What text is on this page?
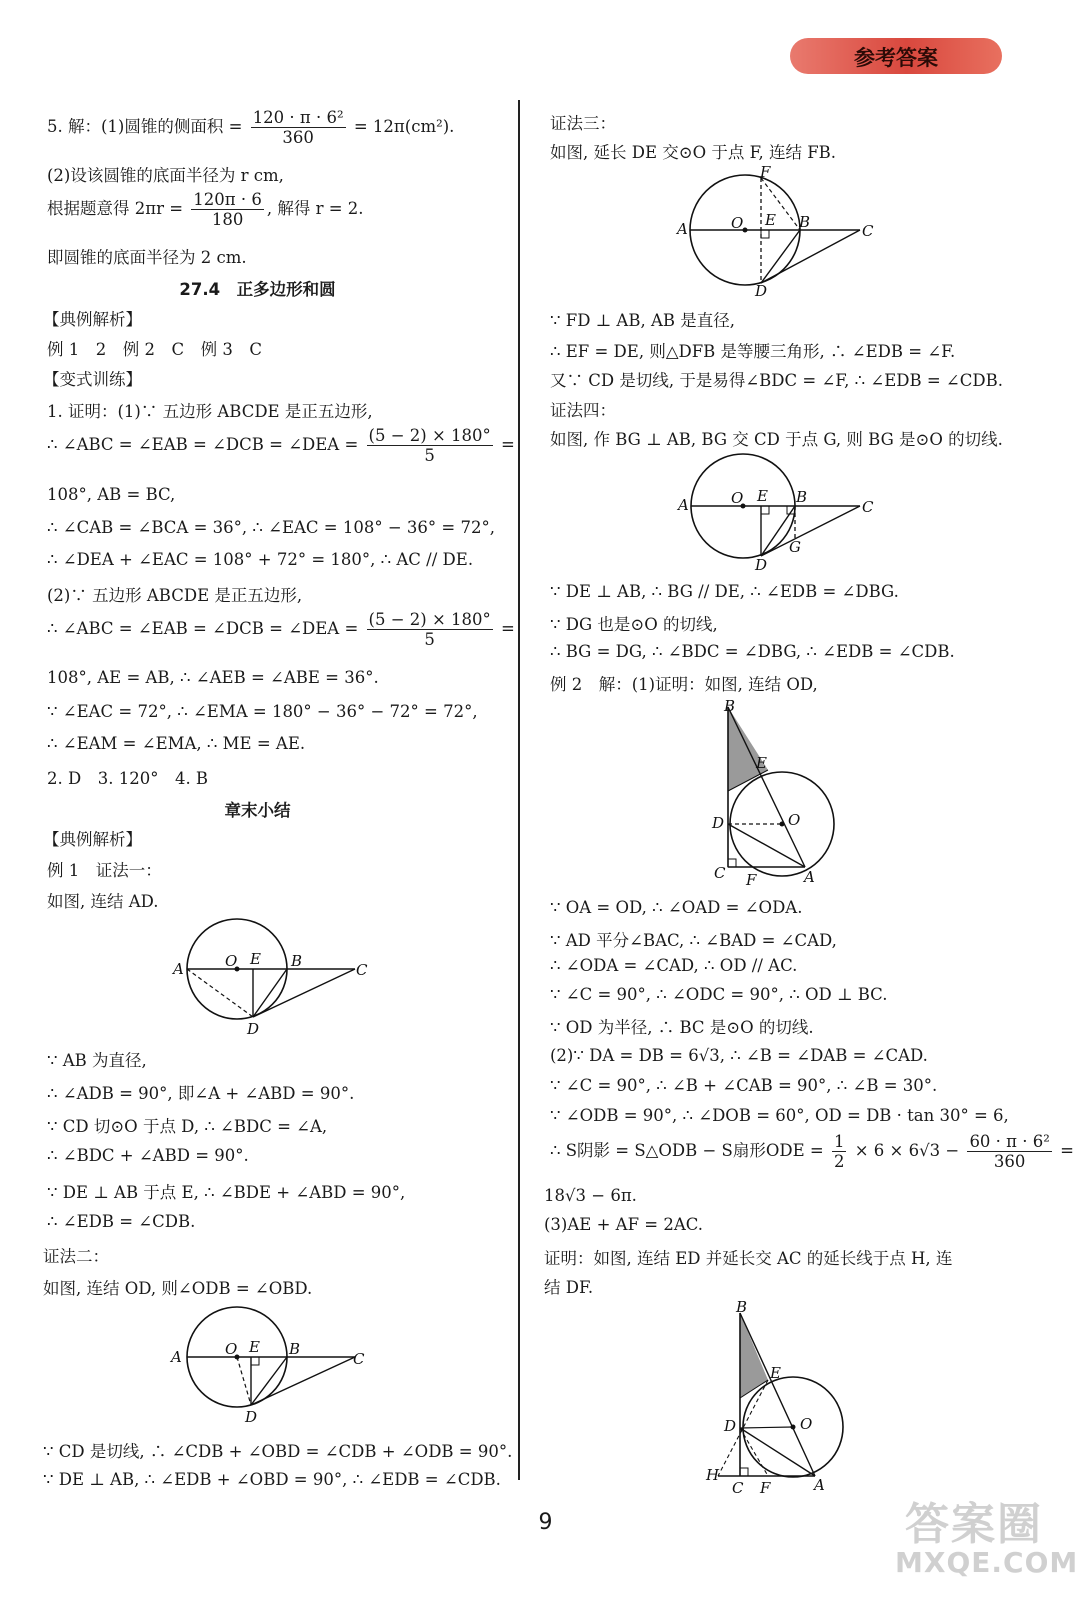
参考答案
5. 解：(1)圆锥的侧面积 = $\frac{\text{120 · π · 6²}}{360} = 12\pi(cm^2)$.
(2)设该圆锥的底面半径为 r cm,
根据题意得 $2\pi r = \frac{120\pi \cdot 6}{180}$ , 解得 r = 2.
即圆锥的底面半径为 2 cm.
27.4　正多边形和圆
【典例解析】
例 1　2　例 2　C　例 3　C
【变式训练】
1. 证明：(1)∵ 五边形 ABCDE 是正五边形,
∴ ∠ABC = ∠EAB = ∠DCB = ∠DEA = $\frac{(5 - 2) \times 180^\circ}{5}$ =
108°, AB = BC,
∴ ∠CAB = ∠BCA = 36°, ∴ ∠EAC = 108° − 36° = 72°,
∴ ∠DEA + ∠EAC = 108° + 72° = 180°, ∴ AC // DE.
(2)∵ 五边形 ABCDE 是正五边形,
∴ ∠ABC = ∠EAB = ∠DCB = ∠DEA = $\frac{(5 - 2) \times 180^\circ}{5}$ =
108°, AE = AB, ∴ ∠AEB = ∠ABE = 36°.
∵ ∠EAC = 72°, ∴ ∠EMA = 180° − 36° − 72° = 72°,
∴ ∠EAM = ∠EMA, ∴ ME = AE.
2. D　3. 120°　4. B
章末小结
【典例解析】
例 1　证法一：
如图, 连结 AD.
A	O E B	C
D
∵ AB 为直径,
∴ ∠ADB = 90°, 即∠A + ∠ABD = 90°.
∵ CD 切⊙O 于点 D, ∴ ∠BDC = ∠A,
∴ ∠BDC + ∠ABD = 90°.
∵ DE ⊥ AB 于点 E, ∴ ∠BDE + ∠ABD = 90°,
∴ ∠EDB = ∠CDB.
证法二：
如图, 连结 OD, 则∠ODB = ∠OBD.
A	O E B
C
D
∵ CD 是切线, ∴ ∠CDB + ∠OBD = ∠CDB + ∠ODB = 90°.
∵ DE ⊥ AB, ∴ ∠EDB + ∠OBD = 90°, ∴ ∠EDB = ∠CDB.
证法三：
如图, 延长 DE 交⊙O 于点 F, 连结 FB.
F
A	O E B	C
D
∵ FD ⊥ AB, AB 是直径,
∴ EF = DE, 则△DFB 是等腰三角形, ∴ ∠EDB = ∠F.
又∵ CD 是切线, 于是易得∠BDC = ∠F, ∴ ∠EDB = ∠CDB.
证法四：
如图, 作 BG ⊥ AB, BG 交 CD 于点 G, 则 BG 是⊙O 的切线.
A	O E B
C
G
D
∵ DE ⊥ AB, ∴ BG // DE, ∴ ∠EDB = ∠DBG.
∵ DG 也是⊙O 的切线,
∴ BG = DG, ∴ ∠BDC = ∠DBG, ∴ ∠EDB = ∠CDB.
例 2　解：(1)证明：如图, 连结 OD,
B
E
D	O
C F	A
∵ OA = OD, ∴ ∠OAD = ∠ODA.
∵ AD 平分∠BAC, ∴ ∠BAD = ∠CAD,
∴ ∠ODA = ∠CAD, ∴ OD // AC.
∵ ∠C = 90°, ∴ ∠ODC = 90°, ∴ OD ⊥ BC.
∵ OD 为半径, ∴ BC 是⊙O 的切线.
(2)∵ DA = DB = 6√3, ∴ ∠B = ∠DAB = ∠CAD.
∵ ∠C = 90°, ∴ ∠B + ∠CAB = 90°, ∴ ∠B = 30°.
∵ ∠ODB = 90°, ∴ ∠DOB = 60°, OD = DB · tan 30° = 6,
∴ S阴影 = S△ODB − S扇形ODE = $\frac{1}{2} \times 6 \times 6√3 - \frac{\text{60 · π · 6²}}{360}$ =
18√3 − 6π.
(3)AE + AF = 2AC.
证明：如图, 连结 ED 并延长交 AC 的延长线于点 H, 连
结 DF.
B
E
D	O
H
C F	A
9	答案圈
MXQE.COM
